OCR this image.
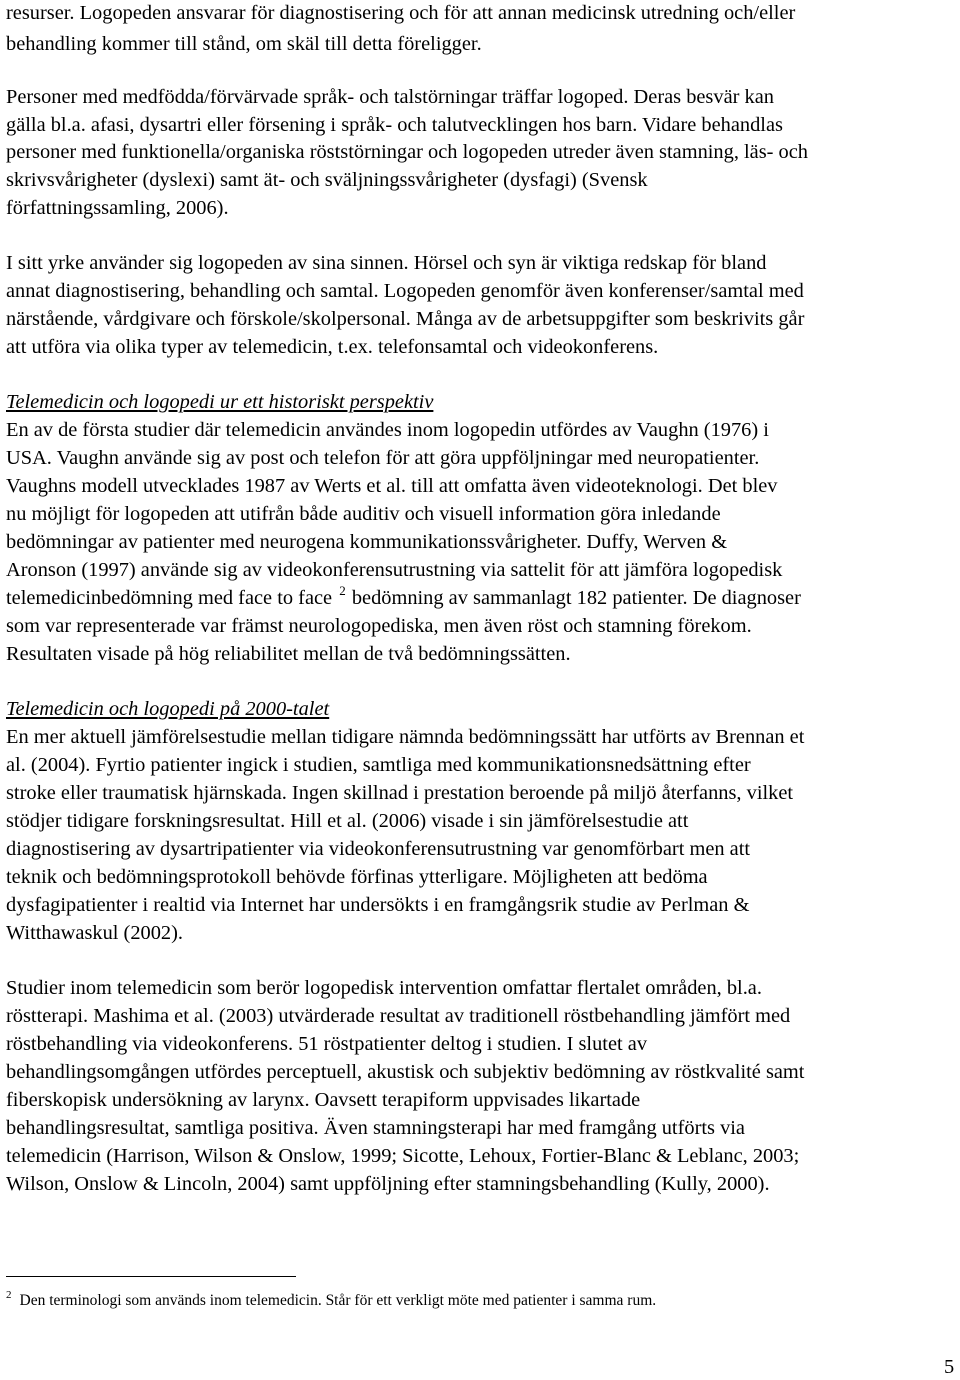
resurser. Logopeden ansvarar för diagnostisering och för att annan medicinsk utredning och/eller
behandling kommer till stånd, om skäl till detta föreligger.
Personer med medfödda/förvärvade språk- och talstörningar träffar logoped. Deras besvär kan
gälla bl.a. afasi, dysartri eller försening i språk- och talutvecklingen hos barn. Vidare behandlas
personer med funktionella/organiska röststörningar och logopeden utreder även stamning, läs- och
skrivsvårigheter (dyslexi) samt ät- och sväljningssvårigheter (dysfagi) (Svensk
författningssamling, 2006).
I sitt yrke använder sig logopeden av sina sinnen. Hörsel och syn är viktiga redskap för bland
annat diagnostisering, behandling och samtal. Logopeden genomför även konferenser/samtal med
närstående, vårdgivare och förskole/skolpersonal. Många av de arbetsuppgifter som beskrivits går
att utföra via olika typer av telemedicin, t.ex. telefonsamtal och videokonferens.
Telemedicin och logopedi ur ett historiskt perspektiv
En av de första studier där telemedicin användes inom logopedin utfördes av Vaughn (1976) i
USA. Vaughn använde sig av post och telefon för att göra uppföljningar med neuropatienter.
Vaughns modell utvecklades 1987 av Werts et al. till att omfatta även videoteknologi. Det blev
nu möjligt för logopeden att utifrån både auditiv och visuell information göra inledande
bedömningar av patienter med neurogena kommunikationssvårigheter. Duffy, Werven &
Aronson (1997) använde sig av videokonferensutrustning via sattelit för att jämföra logopedisk
telemedicinbedömning med face to face $^2$ bedömning av sammanlagt 182 patienter. De diagnoser
som var representerade var främst neurologopediska, men även röst och stamning förekom.
Resultaten visade på hög reliabilitet mellan de två bedömningssätten.
Telemedicin och logopedi på 2000-talet
En mer aktuell jämförelsestudie mellan tidigare nämnda bedömningssätt har utförts av Brennan et
al. (2004). Fyrtio patienter ingick i studien, samtliga med kommunikationsnedsättning efter
stroke eller traumatisk hjärnskada. Ingen skillnad i prestation beroende på miljö återfanns, vilket
stödjer tidigare forskningsresultat. Hill et al. (2006) visade i sin jämförelsestudie att
diagnostisering av dysartripatienter via videokonferensutrustning var genomförbart men att
teknik och bedömningsprotokoll behövde förfinas ytterligare. Möjligheten att bedöma
dysfagipatienter i realtid via Internet har undersökts i en framgångsrik studie av Perlman &
Witthawaskul (2002).
Studier inom telemedicin som berör logopedisk intervention omfattar flertalet områden, bl.a.
röstterapi. Mashima et al. (2003) utvärderade resultat av traditionell röstbehandling jämfört med
röstbehandling via videokonferens. 51 röstpatienter deltog i studien. I slutet av
behandlingsomgången utfördes perceptuell, akustisk och subjektiv bedömning av röstkvalité samt
fiberskopisk undersökning av larynx. Oavsett terapiform uppvisades likartade
behandlingsresultat, samtliga positiva. Även stamningsterapi har med framgång utförts via
telemedicin (Harrison, Wilson & Onslow, 1999; Sicotte, Lehoux, Fortier-Blanc & Leblanc, 2003;
Wilson, Onslow & Lincoln, 2004) samt uppföljning efter stamningsbehandling (Kully, 2000).
$^2$ Den terminologi som används inom telemedicin. Står för ett verkligt möte med patienter i samma rum.
5
